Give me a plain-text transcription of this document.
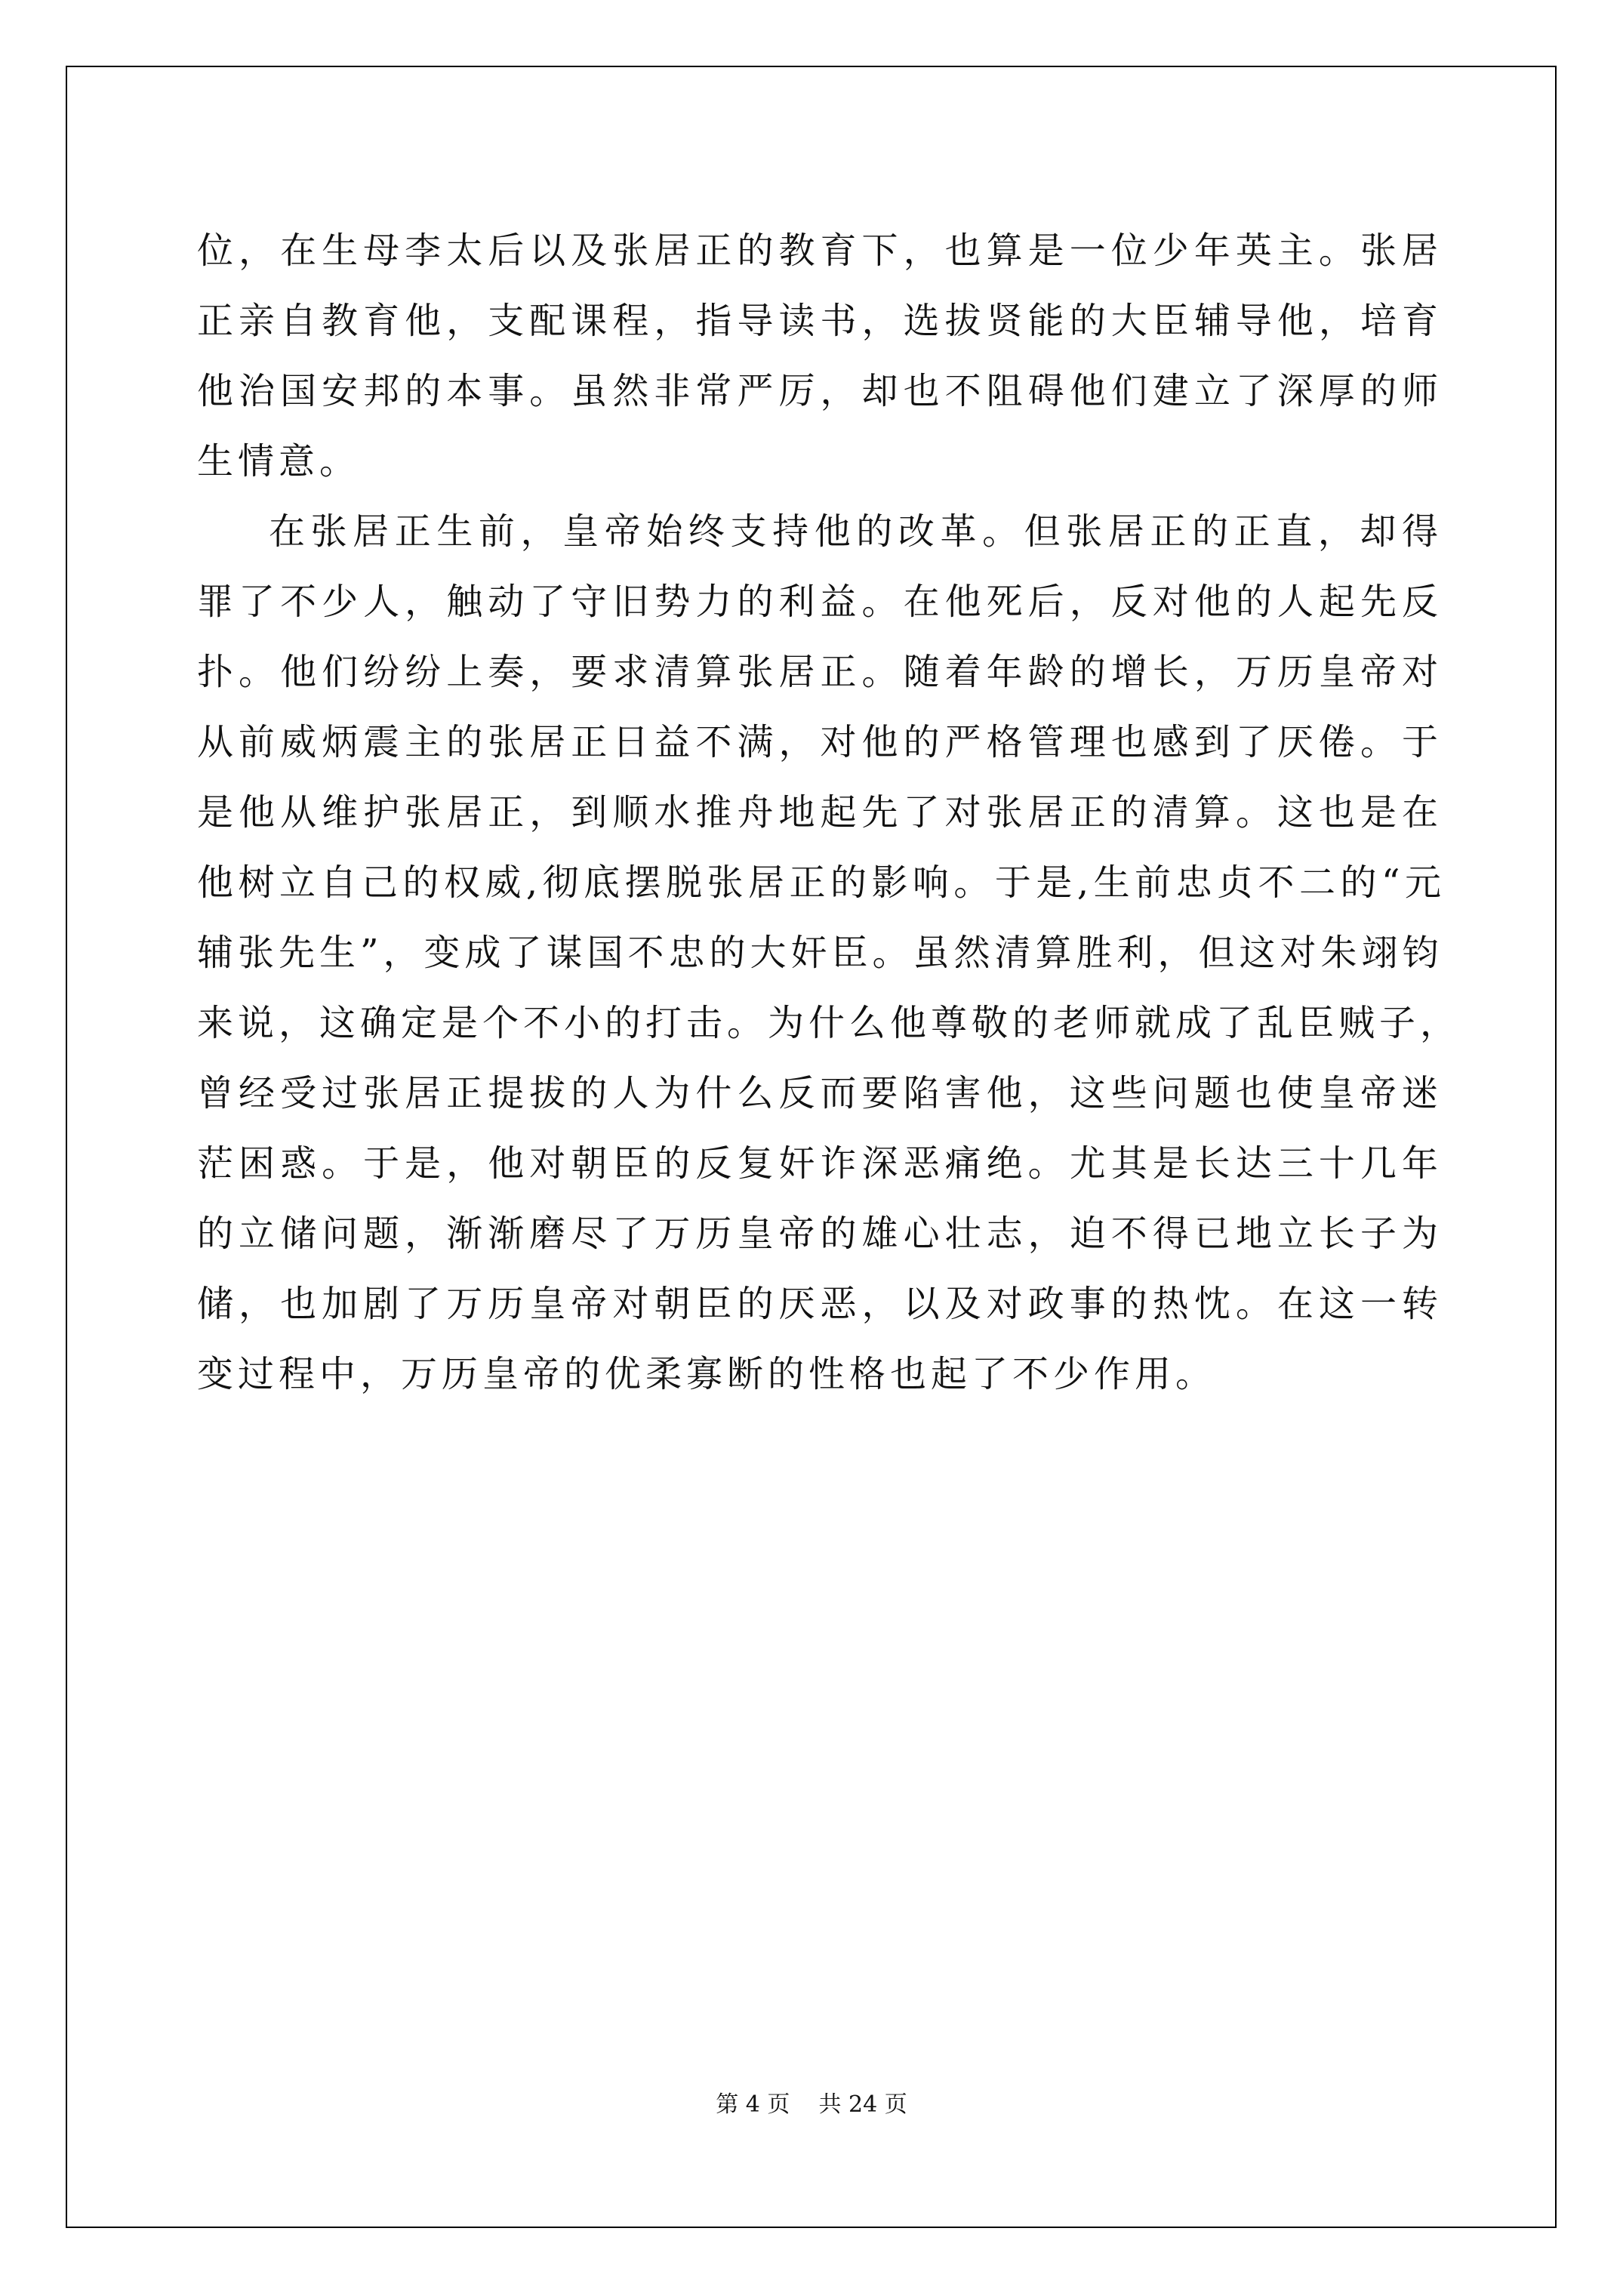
位，在生母李太后以及张居正的教育下，也算是一位少年英主。张居
正亲自教育他，支配课程，指导读书，选拔贤能的大臣辅导他，培育
他治国安邦的本事。虽然非常严厉，却也不阻碍他们建立了深厚的师
生情意。
在张居正生前，皇帝始终支持他的改革。但张居正的正直，却得
罪了不少人，触动了守旧势力的利益。在他死后，反对他的人起先反
扑。他们纷纷上奏，要求清算张居正。随着年龄的增长，万历皇帝对
从前威炳震主的张居正日益不满，对他的严格管理也感到了厌倦。于
是他从维护张居正，到顺水推舟地起先了对张居正的清算。这也是在
他树立自己的权威,彻底摆脱张居正的影响。于是,生前忠贞不二的“元
辅张先生”，变成了谋国不忠的大奸臣。虽然清算胜利，但这对朱翊钧
来说，这确定是个不小的打击。为什么他尊敬的老师就成了乱臣贼子，
曾经受过张居正提拔的人为什么反而要陷害他，这些问题也使皇帝迷
茫困惑。于是，他对朝臣的反复奸诈深恶痛绝。尤其是长达三十几年
的立储问题，渐渐磨尽了万历皇帝的雄心壮志，迫不得已地立长子为
储，也加剧了万历皇帝对朝臣的厌恶，以及对政事的热忱。在这一转
变过程中，万历皇帝的优柔寡断的性格也起了不少作用。
第 4 页    共 24 页
